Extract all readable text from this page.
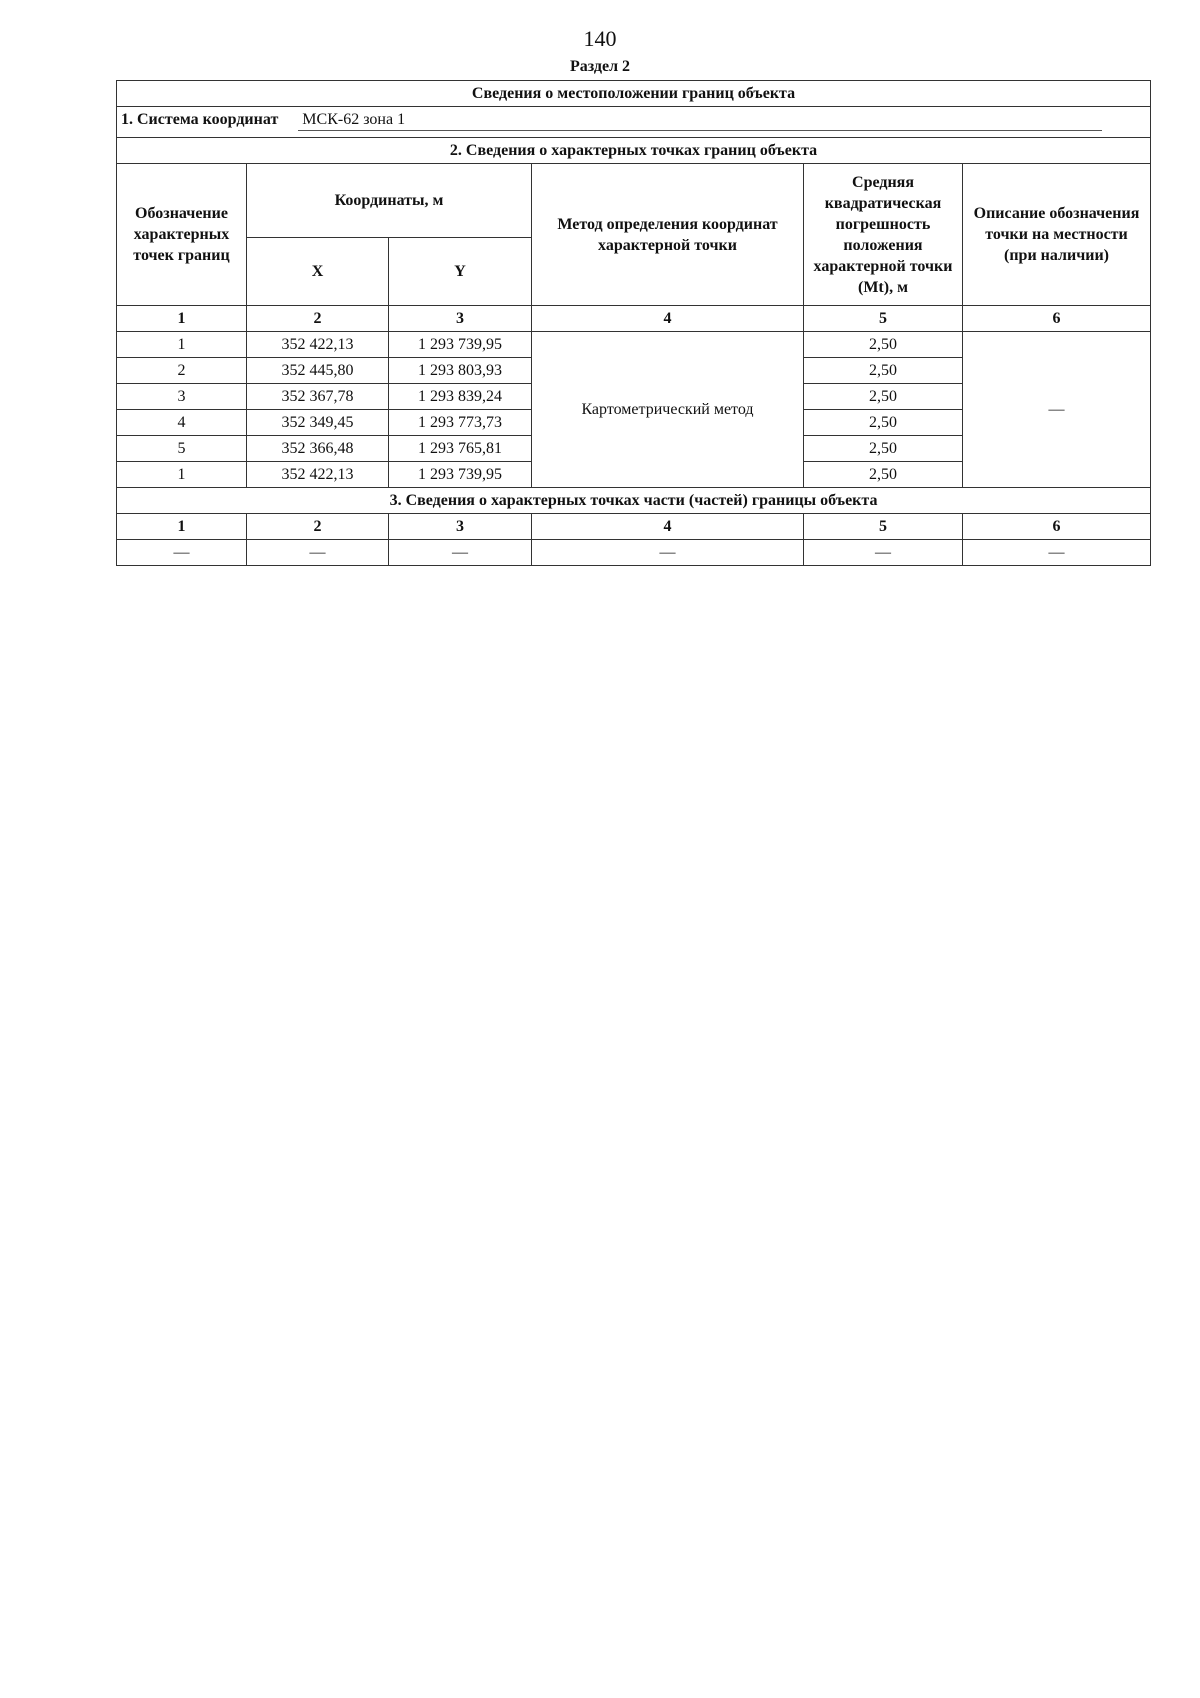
140
Раздел 2
Сведения о местоположении границ объекта					
1. Система координат МСК-62 зона 1					
2. Сведения о характерных точках границ объекта					
Обозначение характерных точек границ	Координаты, м		Метод определения координат характерной точки	Средняя квадратическая погрешность положения характерной точки (Mt), м	Описание обозначения точки на местности (при наличии)
	X	Y			
1	2	3	4	5	6
1	352 422,13	1 293 739,95	Картометрический метод	2,50	—
2	352 445,80	1 293 803,93		2,50	
3	352 367,78	1 293 839,24		2,50	
4	352 349,45	1 293 773,73		2,50	
5	352 366,48	1 293 765,81		2,50	
1	352 422,13	1 293 739,95		2,50	
3. Сведения о характерных точках части (частей) границы объекта					
1	2	3	4	5	6
—	—	—	—	—	—
